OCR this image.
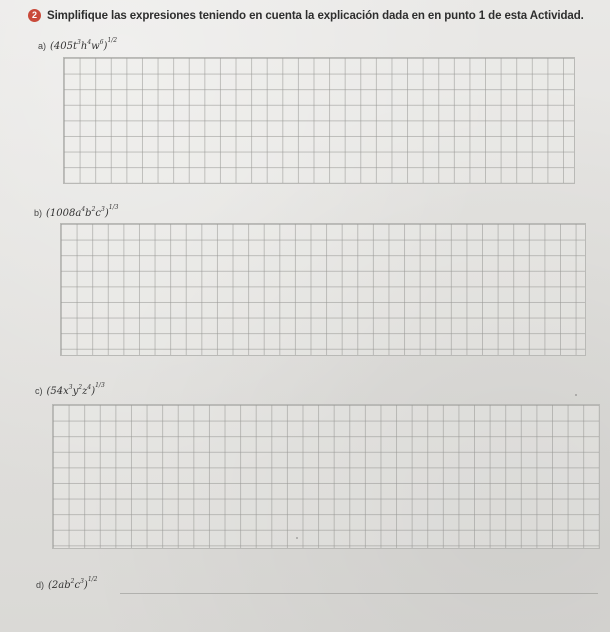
2 Simplifique las expresiones teniendo en cuenta la explicación dada en en punto 1 de esta Actividad.
a) $(405t^3h^4w^6)^{1/2}$
b) $(1008a^4b^2c^3)^{1/3}$
c) $(54x^3y^2z^4)^{1/3}$
d) $(2ab^2c^3)^{1/2}$
